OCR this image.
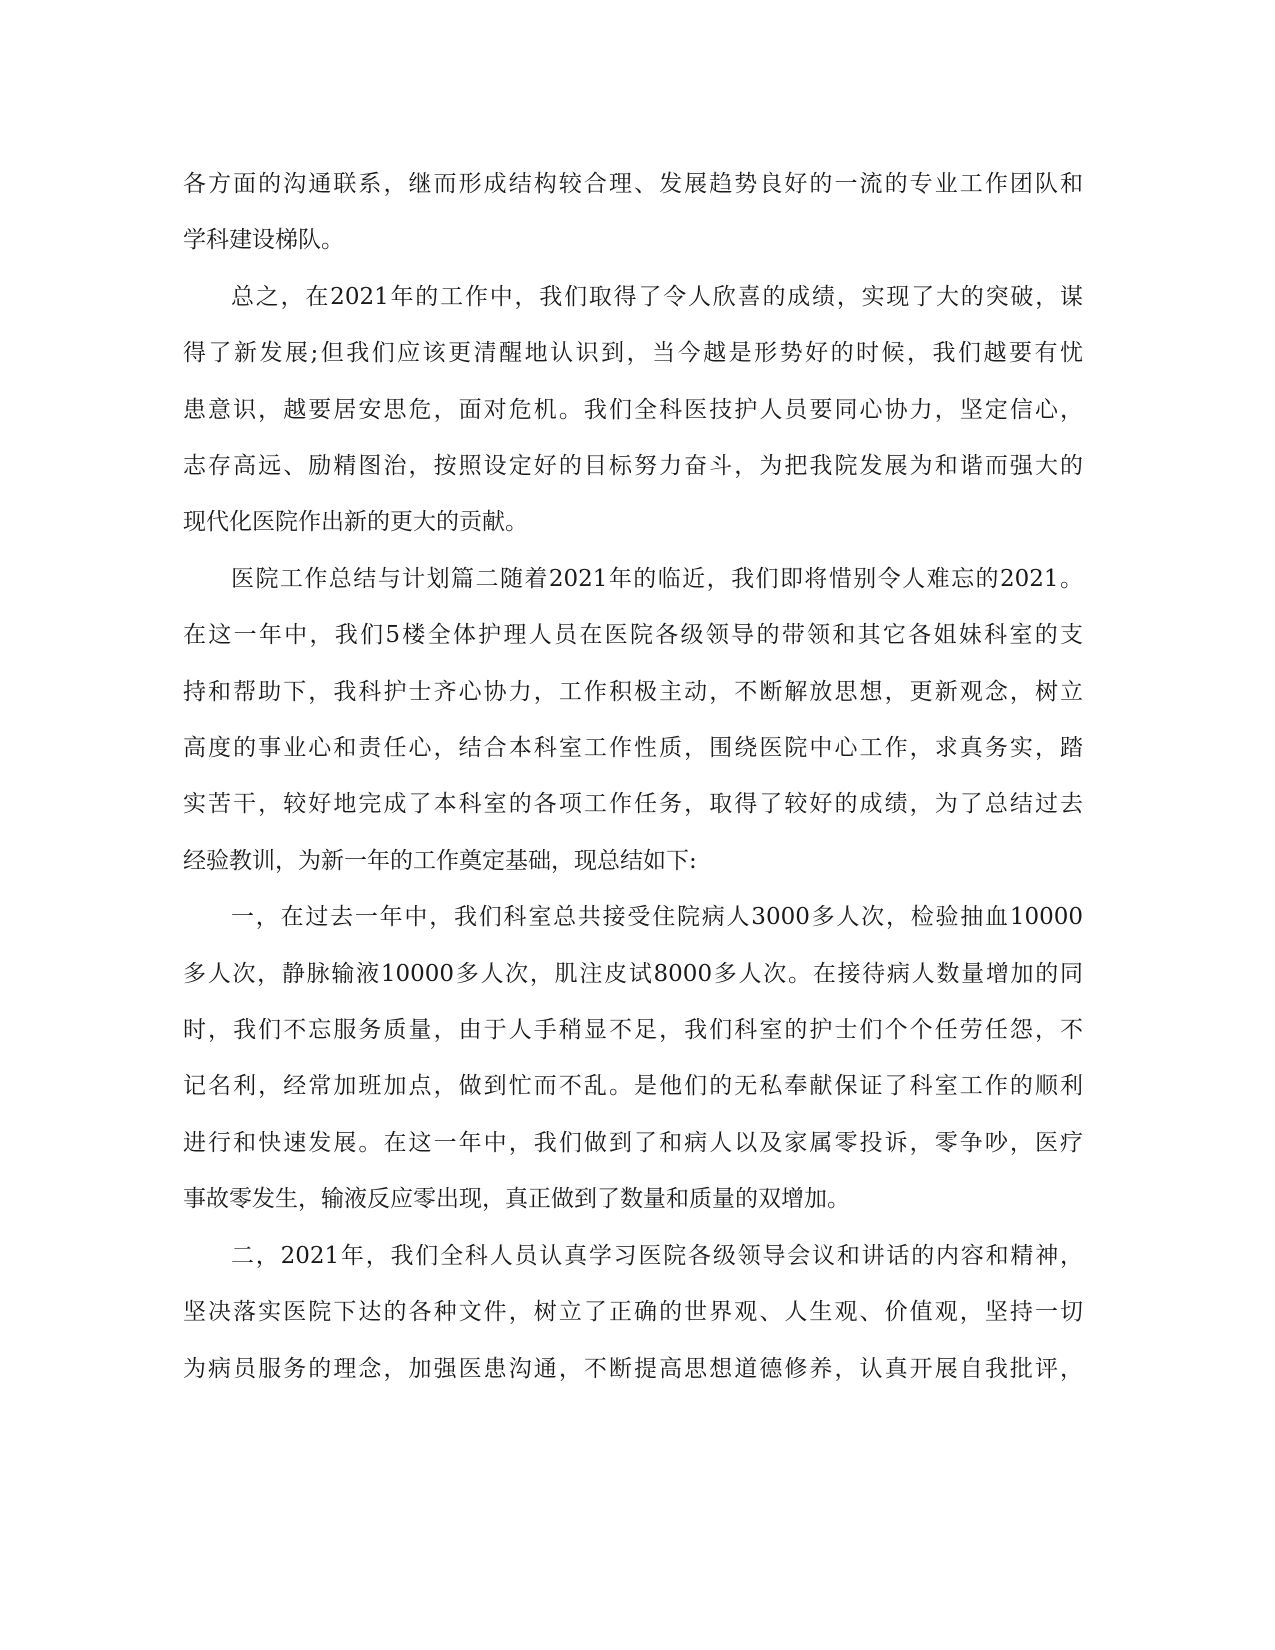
各方面的沟通联系，继而形成结构较合理、发展趋势良好的一流的专业工作团队和
学科建设梯队。
总之，在2021年的工作中，我们取得了令人欣喜的成绩，实现了大的突破，谋
得了新发展;但我们应该更清醒地认识到，当今越是形势好的时候，我们越要有忧
患意识，越要居安思危，面对危机。我们全科医技护人员要同心协力，坚定信心，
志存高远、励精图治，按照设定好的目标努力奋斗，为把我院发展为和谐而强大的
现代化医院作出新的更大的贡献。
医院工作总结与计划篇二随着2021年的临近，我们即将惜别令人难忘的2021。
在这一年中，我们5楼全体护理人员在医院各级领导的带领和其它各姐妹科室的支
持和帮助下，我科护士齐心协力，工作积极主动，不断解放思想，更新观念，树立
高度的事业心和责任心，结合本科室工作性质，围绕医院中心工作，求真务实，踏
实苦干，较好地完成了本科室的各项工作任务，取得了较好的成绩，为了总结过去
经验教训，为新一年的工作奠定基础，现总结如下:
一，在过去一年中，我们科室总共接受住院病人3000多人次，检验抽血10000
多人次，静脉输液10000多人次，肌注皮试8000多人次。在接待病人数量增加的同
时，我们不忘服务质量，由于人手稍显不足，我们科室的护士们个个任劳任怨，不
记名利，经常加班加点，做到忙而不乱。是他们的无私奉献保证了科室工作的顺利
进行和快速发展。在这一年中，我们做到了和病人以及家属零投诉，零争吵，医疗
事故零发生，输液反应零出现，真正做到了数量和质量的双增加。
二，2021年，我们全科人员认真学习医院各级领导会议和讲话的内容和精神，
坚决落实医院下达的各种文件，树立了正确的世界观、人生观、价值观，坚持一切
为病员服务的理念，加强医患沟通，不断提高思想道德修养，认真开展自我批评，
